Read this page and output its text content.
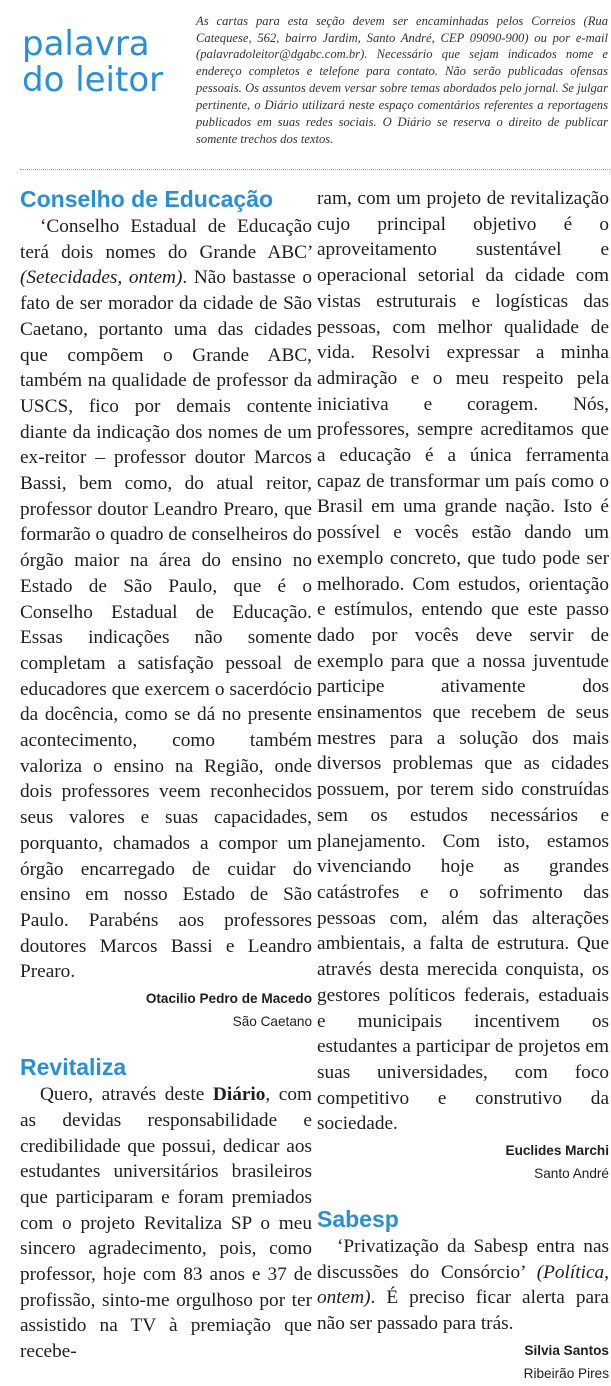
palavra
do leitor

As cartas para esta seção devem ser encaminhadas pelos Correios (Rua Catequese, 562, bairro Jardim, Santo André, CEP 09090-900) ou por e-mail (palavradoleitor@dgabc.com.br). Necessário que sejam indicados nome e endereço completos e telefone para contato. Não serão publicadas ofensas pessoais. Os assuntos devem versar sobre temas abordados pelo jornal. Se julgar pertinente, o Diário utilizará neste espaço comentários referentes a reportagens publicados em suas redes sociais. O Diário se reserva o direito de publicar somente trechos dos textos.

Conselho de Educação

‘Conselho Estadual de Educação terá dois nomes do Grande ABC’ (Setecidades, ontem). Não bastasse o fato de ser morador da cidade de São Caetano, portanto uma das cidades que compõem o Grande ABC, também na qualidade de professor da USCS, fico por demais contente diante da indicação dos nomes de um ex-reitor – professor doutor Marcos Bassi, bem como, do atual reitor, professor doutor Leandro Prearo, que formarão o quadro de conselheiros do órgão maior na área do ensino no Estado de São Paulo, que é o Conselho Estadual de Educação. Essas indicações não somente completam a satisfação pessoal de educadores que exercem o sacerdócio da docência, como se dá no presente acontecimento, como também valoriza o ensino na Região, onde dois professores veem reconhecidos seus valores e suas capacidades, porquanto, chamados a compor um órgão encarregado de cuidar do ensino em nosso Estado de São Paulo. Parabéns aos professores doutores Marcos Bassi e Leandro Prearo.

Otacilio Pedro de Macedo

São Caetano

Revitaliza

Quero, através deste Diário, com as devidas responsabilidade e credibilidade que possui, dedicar aos estudantes universitários brasileiros que participaram e foram premiados com o projeto Revitaliza SP o meu sincero agradecimento, pois, como professor, hoje com 83 anos e 37 de profissão, sinto-me orgulhoso por ter assistido na TV à premiação que recebe-

ram, com um projeto de revitalização cujo principal objetivo é o aproveitamento sustentável e operacional setorial da cidade com vistas estruturais e logísticas das pessoas, com melhor qualidade de vida. Resolvi expressar a minha admiração e o meu respeito pela iniciativa e coragem. Nós, professores, sempre acreditamos que a educação é a única ferramenta capaz de transformar um país como o Brasil em uma grande nação. Isto é possível e vocês estão dando um exemplo concreto, que tudo pode ser melhorado. Com estudos, orientação e estímulos, entendo que este passo dado por vocês deve servir de exemplo para que a nossa juventude participe ativamente dos ensinamentos que recebem de seus mestres para a solução dos mais diversos problemas que as cidades possuem, por terem sido construídas sem os estudos necessários e planejamento. Com isto, estamos vivenciando hoje as grandes catástrofes e o sofrimento das pessoas com, além das alterações ambientais, a falta de estrutura. Que através desta merecida conquista, os gestores políticos federais, estaduais e municipais incentivem os estudantes a participar de projetos em suas universidades, com foco competitivo e construtivo da sociedade.

Euclides Marchi

Santo André

Sabesp

‘Privatização da Sabesp entra nas discussões do Consórcio’ (Política, ontem). É preciso ficar alerta para não ser passado para trás.

Silvia Santos

Ribeirão Pires
